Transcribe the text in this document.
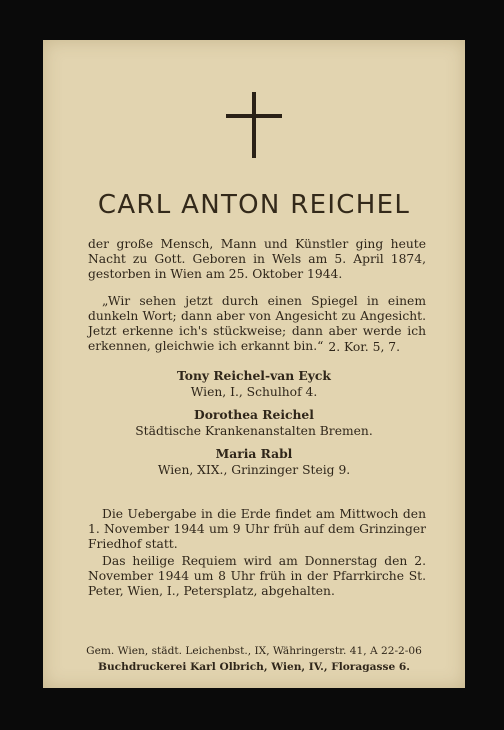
CARL ANTON REICHEL
der große Mensch, Mann und Künstler ging heute Nacht zu Gott. Geboren in Wels am 5. April 1874, gestorben in Wien am 25. Oktober 1944.
„Wir sehen jetzt durch einen Spiegel in einem dunkeln Wort; dann aber von Angesicht zu Angesicht. Jetzt erkenne ich's stückweise; dann aber werde ich erkennen, gleichwie ich erkannt bin.“ 2. Kor. 5, 7.
Tony Reichel-van Eyck
Wien, I., Schulhof 4.
Dorothea Reichel
Städtische Krankenanstalten Bremen.
Maria Rabl
Wien, XIX., Grinzinger Steig 9.
Die Uebergabe in die Erde findet am Mittwoch den 1. November 1944 um 9 Uhr früh auf dem Grinzinger Friedhof statt.
Das heilige Requiem wird am Donnerstag den 2. November 1944 um 8 Uhr früh in der Pfarrkirche St. Peter, Wien, I., Petersplatz, abgehalten.
Gem. Wien, städt. Leichenbst., IX, Währingerstr. 41, A 22-2-06
Buchdruckerei Karl Olbrich, Wien, IV., Floragasse 6.
